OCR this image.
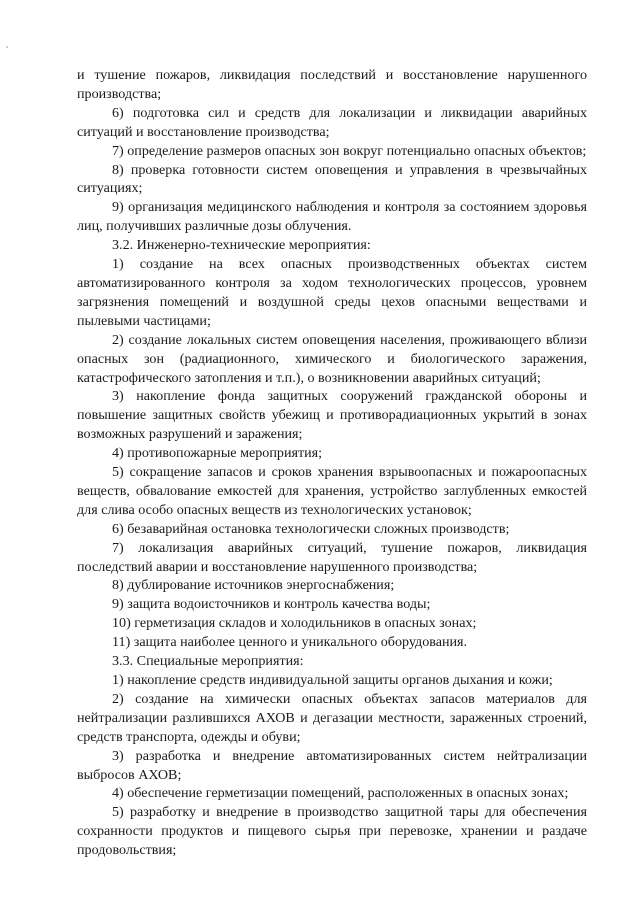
и тушение пожаров, ликвидация последствий и восстановление нарушенного производства;

6) подготовка сил и средств для локализации и ликвидации аварийных ситуаций и восстановление производства;

7) определение размеров опасных зон вокруг потенциально опасных объектов;

8) проверка готовности систем оповещения и управления в чрезвычайных ситуациях;

9) организация медицинского наблюдения и контроля за состоянием здоровья лиц, получивших различные дозы облучения.

3.2. Инженерно-технические мероприятия:

1) создание на всех опасных производственных объектах систем автоматизированного контроля за ходом технологических процессов, уровнем загрязнения помещений и воздушной среды цехов опасными веществами и пылевыми частицами;

2) создание локальных систем оповещения населения, проживающего вблизи опасных зон (радиационного, химического и биологического заражения, катастрофического затопления и т.п.), о возникновении аварийных ситуаций;

3) накопление фонда защитных сооружений гражданской обороны и повышение защитных свойств убежищ и противорадиационных укрытий в зонах возможных разрушений и заражения;

4) противопожарные мероприятия;

5) сокращение запасов и сроков хранения взрывоопасных и пожароопасных веществ, обвалование емкостей для хранения, устройство заглубленных емкостей для слива особо опасных веществ из технологических установок;

6) безаварийная остановка технологически сложных производств;

7) локализация аварийных ситуаций, тушение пожаров, ликвидация последствий аварии и восстановление нарушенного производства;

8) дублирование источников энергоснабжения;

9) защита водоисточников и контроль качества воды;

10) герметизация складов и холодильников в опасных зонах;

11) защита наиболее ценного и уникального оборудования.

3.3. Специальные мероприятия:

1) накопление средств индивидуальной защиты органов дыхания и кожи;

2) создание на химически опасных объектах запасов материалов для нейтрализации разлившихся АХОВ и дегазации местности, зараженных строений, средств транспорта, одежды и обуви;

3) разработка и внедрение автоматизированных систем нейтрализации выбросов АХОВ;

4) обеспечение герметизации помещений, расположенных в опасных зонах;

5) разработку и внедрение в производство защитной тары для обеспечения сохранности продуктов и пищевого сырья при перевозке, хранении и раздаче продовольствия;
